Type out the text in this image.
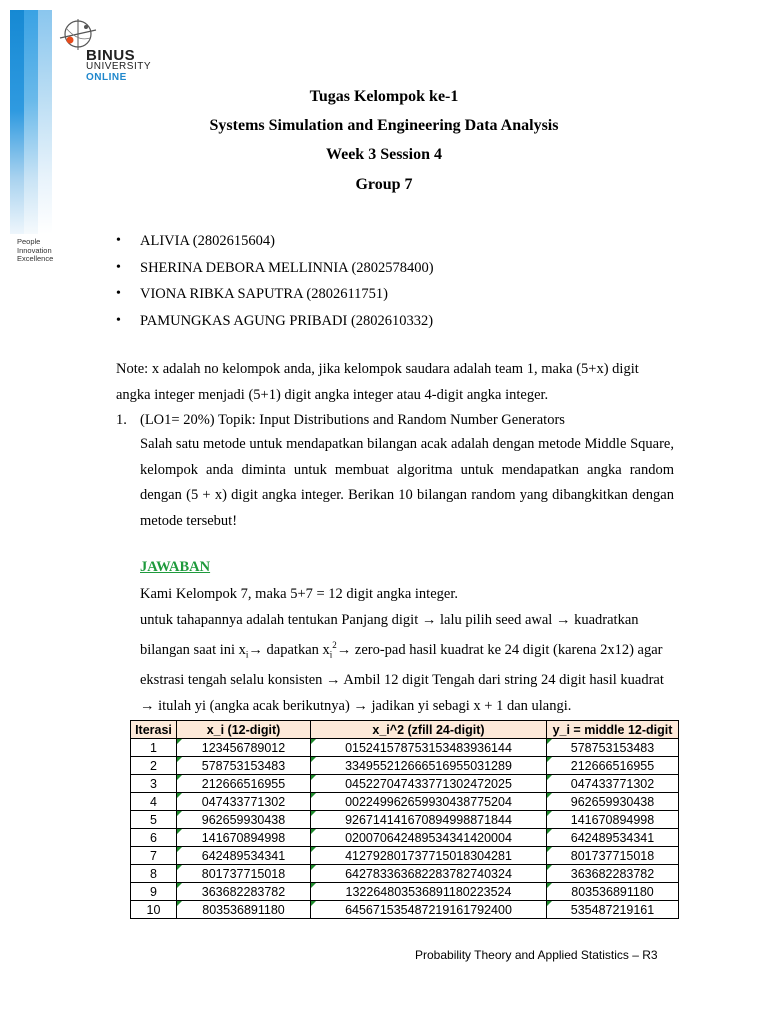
People
Innovation
Excellence
BINUS
UNIVERSITY
ONLINE
Tugas Kelompok ke-1
Systems Simulation and Engineering Data Analysis
Week 3 Session 4
Group 7
• ALIVIA (2802615604)
• SHERINA DEBORA MELLINNIA (2802578400)
• VIONA RIBKA SAPUTRA (2802611751)
• PAMUNGKAS AGUNG PRIBADI (2802610332)
Note: x adalah no kelompok anda, jika kelompok saudara adalah team 1, maka (5+x) digit angka integer menjadi (5+1) digit angka integer atau 4-digit angka integer.
1. (LO1= 20%) Topik: Input Distributions and Random Number Generators
Salah satu metode untuk mendapatkan bilangan acak adalah dengan metode Middle Square, kelompok anda diminta untuk membuat algoritma untuk mendapatkan angka random dengan (5 + x) digit angka integer. Berikan 10 bilangan random yang dibangkitkan dengan metode tersebut!
JAWABAN

Kami Kelompok 7, maka 5+7 = 12 digit angka integer.

untuk tahapannya adalah tentukan Panjang digit → lalu pilih seed awal → kuadratkan bilangan saat ini $x_i\to$ dapatkan $x_i^2\to$ zero-pad hasil kuadrat ke 24 digit (karena 2x12) agar ekstrasi tengah selalu konsisten → Ambil 12 digit Tengah dari string 24 digit hasil kuadrat → itulah yi (angka acak berikutnya) → jadikan yi sebagi x + 1 dan ulangi.

Iterasi	x_i (12-digit)	x_i^2 (zfill 24-digit)	y_i = middle 12-digit
1	123456789012	015241578753153483936144	578753153483
2	578753153483	334955212666516955031289	212666516955
3	212666516955	045227047433771302472025	047433771302
4	047433771302	002249962659930438775204	962659930438
5	962659930438	926714141670894998871844	141670894998
6	141670894998	020070642489534341420004	642489534341
7	642489534341	412792801737715018304281	801737715018
8	801737715018	642783363682283782740324	363682283782
9	363682283782	132264803536891180223524	803536891180
10	803536891180	645671535487219161792400	535487219161
Probability Theory and Applied Statistics – R3
